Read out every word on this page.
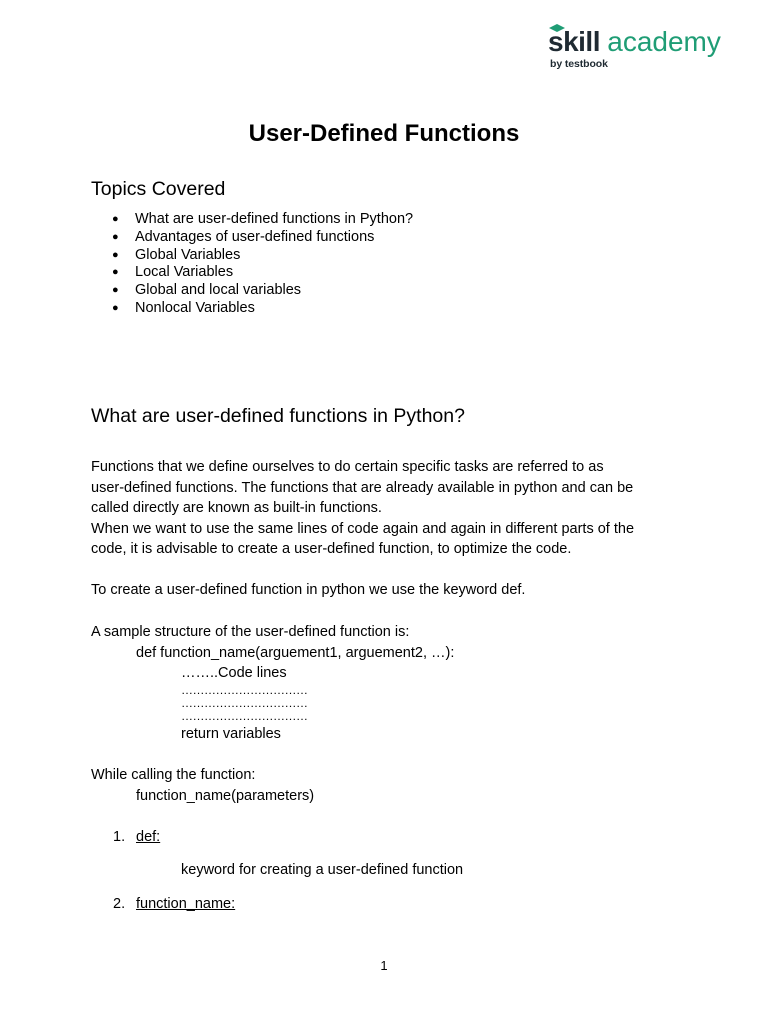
skill academy
by testbook
User-Defined Functions
Topics Covered
● What are user-defined functions in Python?
● Advantages of user-defined functions
● Global Variables
● Local Variables
● Global and local variables
● Nonlocal Variables
What are user-defined functions in Python?
Functions that we define ourselves to do certain specific tasks are referred to as
user-defined functions. The functions that are already available in python and can be
called directly are known as built-in functions.
When we want to use the same lines of code again and again in different parts of the
code, it is advisable to create a user-defined function, to optimize the code.
To create a user-defined function in python we use the keyword def.
A sample structure of the user-defined function is:
def function_name(arguement1, arguement2, …):
……..Code lines
……………………………
……………………………
……………………………
return variables
While calling the function:
function_name(parameters)
1. def:
keyword for creating a user-defined function
2. function_name:
1
